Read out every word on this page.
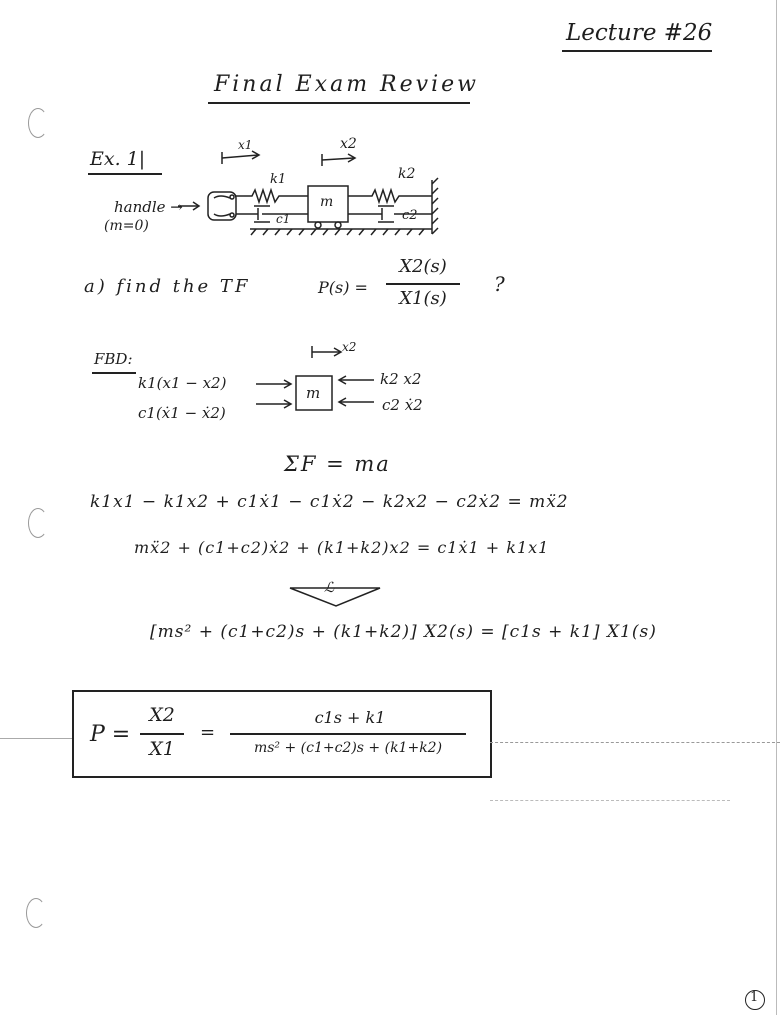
Lecture #26
Final Exam Review
Ex. 1|
x1	x2
k1	k2
c1	c2
m
handle →
(m=0)
a) find the TF	P(s) =
X2(s)
X1(s)
?
FBD:
x2
m
k1(x1 − x2)
c1(ẋ1 − ẋ2)
k2 x2
c2 ẋ2
ΣF = ma
k1x1 − k1x2 + c1ẋ1 − c1ẋ2 − k2x2 − c2ẋ2 = mẍ2
mẍ2 + (c1+c2)ẋ2 + (k1+k2)x2 = c1ẋ1 + k1x1
ℒ
[ms² + (c1+c2)s + (k1+k2)] X2(s) = [c1s + k1] X1(s)
P =
X2
X1
=
c1s + k1
ms² + (c1+c2)s + (k1+k2)
1
